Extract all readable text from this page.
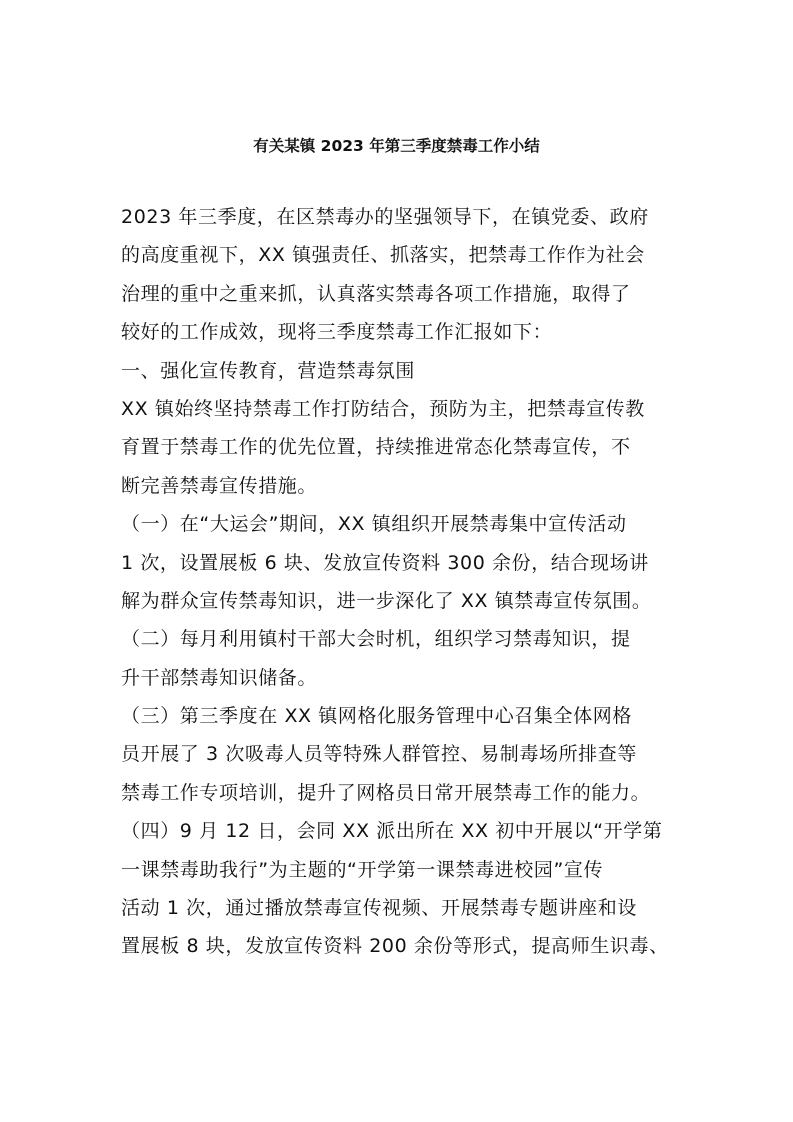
有关某镇 2023 年第三季度禁毒工作小结
2023 年三季度，在区禁毒办的坚强领导下，在镇党委、政府
的高度重视下，XX 镇强责任、抓落实，把禁毒工作作为社会
治理的重中之重来抓，认真落实禁毒各项工作措施，取得了
较好的工作成效，现将三季度禁毒工作汇报如下：
一、强化宣传教育，营造禁毒氛围
XX 镇始终坚持禁毒工作打防结合，预防为主，把禁毒宣传教
育置于禁毒工作的优先位置，持续推进常态化禁毒宣传，不
断完善禁毒宣传措施。
（一）在“大运会”期间，XX 镇组织开展禁毒集中宣传活动
1 次，设置展板 6 块、发放宣传资料 300 余份，结合现场讲
解为群众宣传禁毒知识，进一步深化了 XX 镇禁毒宣传氛围。
（二）每月利用镇村干部大会时机，组织学习禁毒知识，提
升干部禁毒知识储备。
（三）第三季度在 XX 镇网格化服务管理中心召集全体网格
员开展了 3 次吸毒人员等特殊人群管控、易制毒场所排查等
禁毒工作专项培训，提升了网格员日常开展禁毒工作的能力。
（四）9 月 12 日，会同 XX 派出所在 XX 初中开展以“开学第
一课禁毒助我行”为主题的“开学第一课禁毒进校园”宣传
活动 1 次，通过播放禁毒宣传视频、开展禁毒专题讲座和设
置展板 8 块，发放宣传资料 200 余份等形式，提高师生识毒、
